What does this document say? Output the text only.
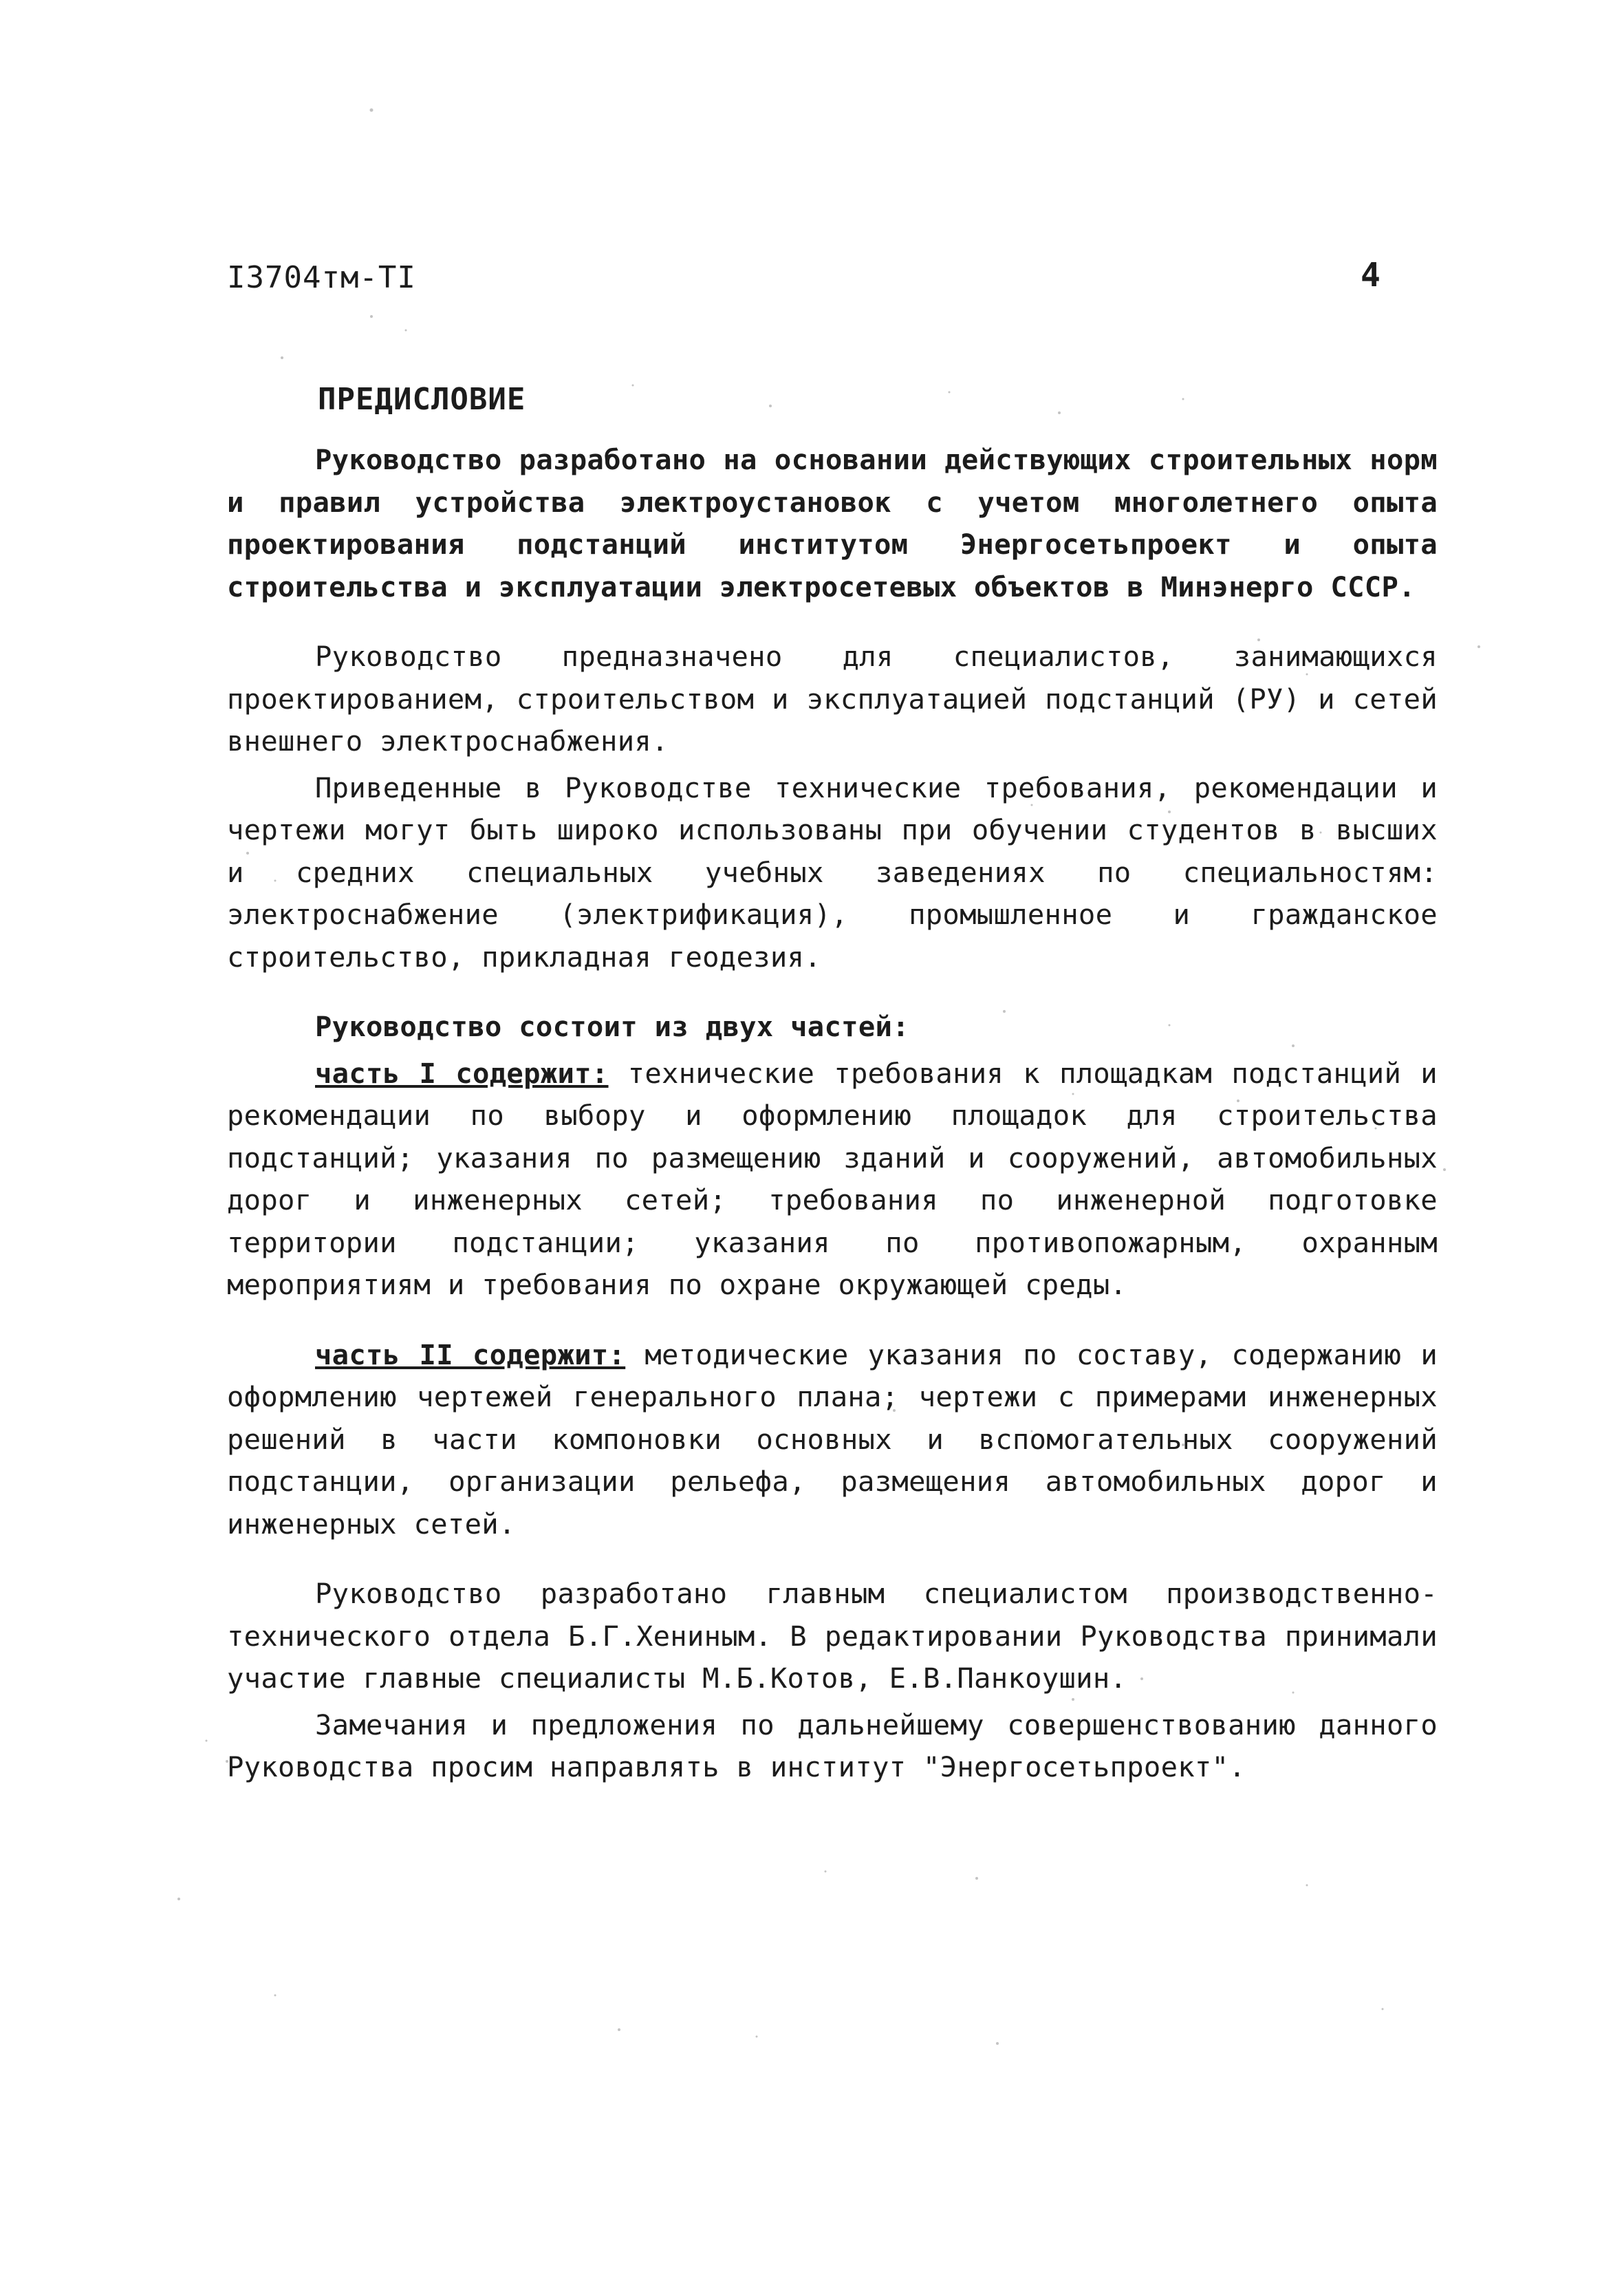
I3704тм-TI	4
ПРЕДИСЛОВИЕ

Руководство разработано на основании действующих строительных норм и правил устройства электроустановок с учетом многолетнего опыта проектирования подстанций институтом Энергосетьпроект и опыта строительства и эксплуатации электросетевых объектов в Минэнерго СССР.

Руководство предназначено для специалистов, занимающихся проектированием, строительством и эксплуатацией подстанций (РУ) и сетей внешнего электроснабжения.

Приведенные в Руководстве технические требования, рекомендации и чертежи могут быть широко использованы при обучении студентов в высших и средних специальных учебных заведениях по специальностям: электроснабжение (электрификация), промышленное и гражданское строительство, прикладная геодезия.

Руководство состоит из двух частей:

часть I содержит: технические требования к площадкам подстанций и рекомендации по выбору и оформлению площадок для строительства подстанций; указания по размещению зданий и сооружений, автомобильных дорог и инженерных сетей; требования по инженерной подготовке территории подстанции; указания по противопожарным, охранным мероприятиям и требования по охране окружающей среды.

часть II содержит: методические указания по составу, содержанию и оформлению чертежей генерального плана; чертежи с примерами инженерных решений в части компоновки основных и вспомогательных сооружений подстанции, организации рельефа, размещения автомобильных дорог и инженерных сетей.

Руководство разработано главным специалистом производственно-технического отдела Б.Г.Хениным. В редактировании Руководства принимали участие главные специалисты М.Б.Котов, Е.В.Панкоушин.

Замечания и предложения по дальнейшему совершенствованию данного Руководства просим направлять в институт "Энергосетьпроект".
